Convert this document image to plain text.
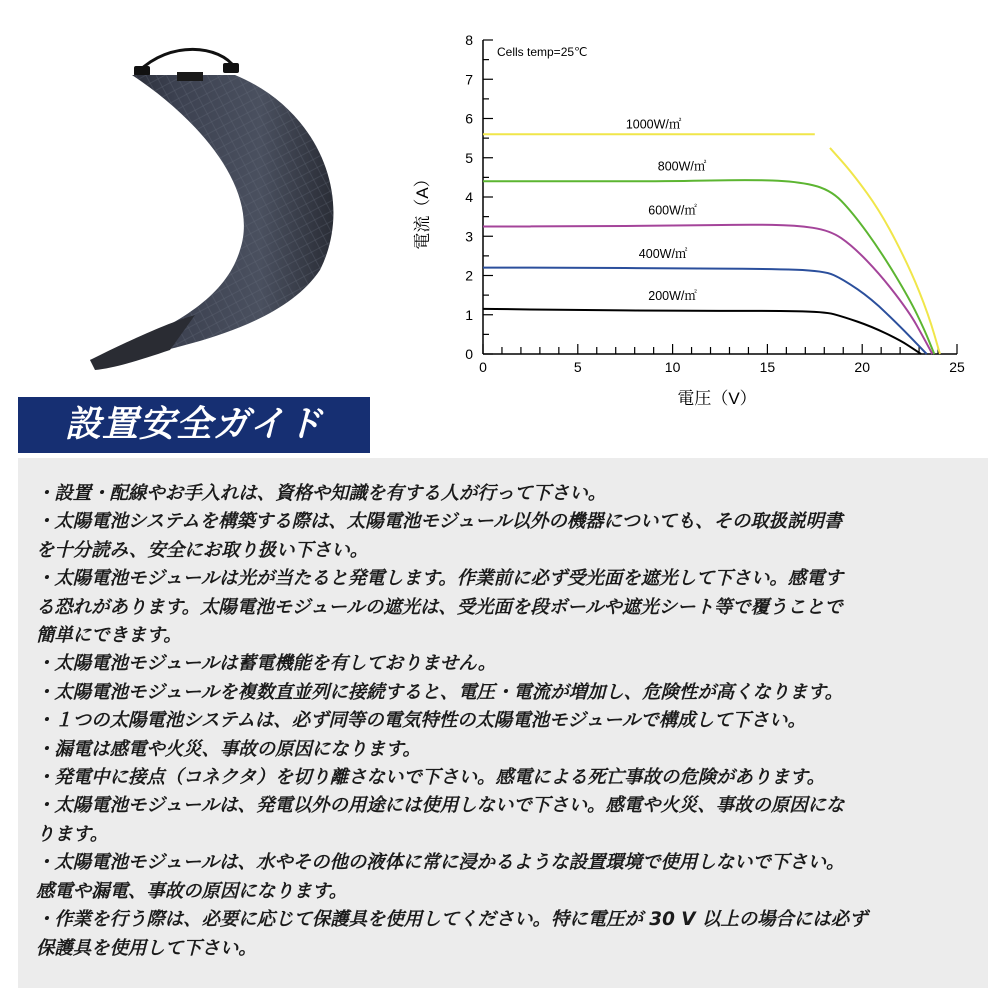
0	5	10	15	20	25
0
1
2
3
4
5
6
7
8
1000W/㎡
800W/㎡
600W/㎡
400W/㎡
200W/㎡
Cells temp=25℃
電圧（V）
電流（A）
設置安全ガイド
・設置・配線やお手入れは、資格や知識を有する人が行って下さい。
・太陽電池システムを構築する際は、太陽電池モジュール以外の機器についても、その取扱説明書
を十分読み、安全にお取り扱い下さい。
・太陽電池モジュールは光が当たると発電します。作業前に必ず受光面を遮光して下さい。感電す
る恐れがあります。太陽電池モジュールの遮光は、受光面を段ボールや遮光シート等で覆うことで
簡単にできます。
・太陽電池モジュールは蓄電機能を有しておりません。
・太陽電池モジュールを複数直並列に接続すると、電圧・電流が増加し、危険性が高くなります。
・１つの太陽電池システムは、必ず同等の電気特性の太陽電池モジュールで構成して下さい。
・漏電は感電や火災、事故の原因になります。
・発電中に接点（コネクタ）を切り離さないで下さい。感電による死亡事故の危険があります。
・太陽電池モジュールは、発電以外の用途には使用しないで下さい。感電や火災、事故の原因にな
ります。
・太陽電池モジュールは、水やその他の液体に常に浸かるような設置環境で使用しないで下さい。
感電や漏電、事故の原因になります。
・作業を行う際は、必要に応じて保護具を使用してください。特に電圧が 30 V 以上の場合には必ず
保護具を使用して下さい。
